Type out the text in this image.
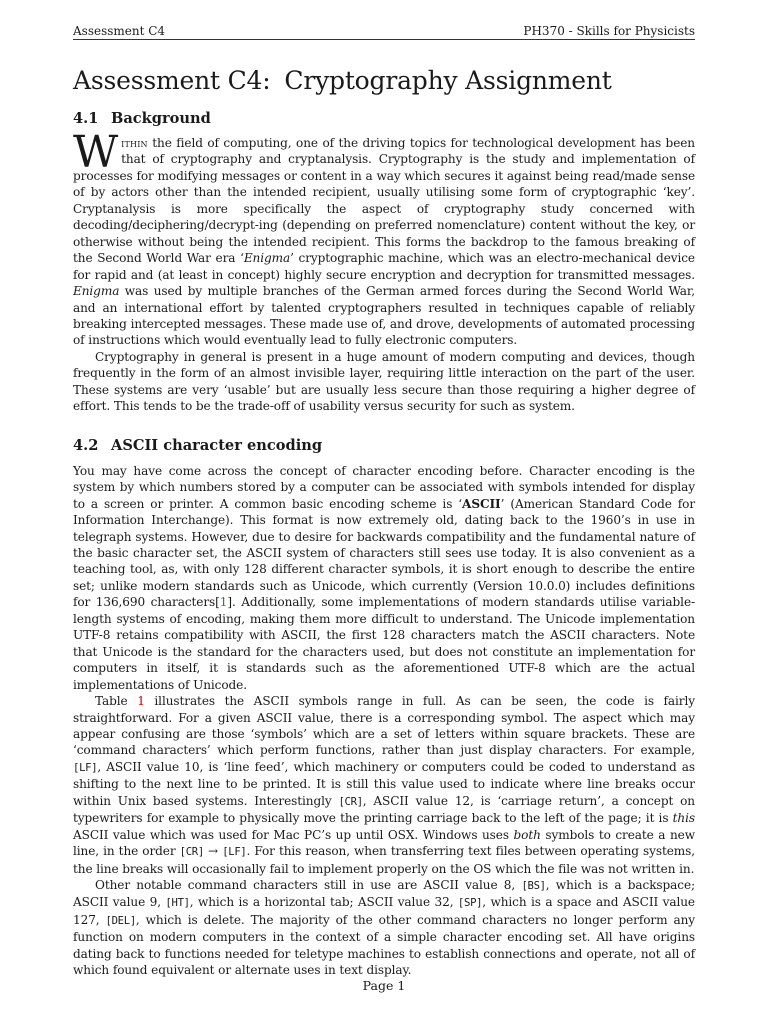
Assessment C4	PH370 - Skills for Physicists
Assessment C4: Cryptography Assignment
4.1 Background

Within the field of computing, one of the driving topics for technological development has been that of cryptography and cryptanalysis. Cryptography is the study and implementation of processes for modifying messages or content in a way which secures it against being read/made sense of by actors other than the intended recipient, usually utilising some form of cryptographic ‘key’. Cryptanalysis is more specifically the aspect of cryptography study concerned with decoding/deciphering/decrypt-ing (depending on preferred nomenclature) content without the key, or otherwise without being the intended recipient. This forms the backdrop to the famous breaking of the Second World War era ‘Enigma’ cryptographic machine, which was an electro-mechanical device for rapid and (at least in concept) highly secure encryption and decryption for transmitted messages. Enigma was used by multiple branches of the German armed forces during the Second World War, and an international effort by talented cryptographers resulted in techniques capable of reliably breaking intercepted messages. These made use of, and drove, developments of automated processing of instructions which would eventually lead to fully electronic computers.

Cryptography in general is present in a huge amount of modern computing and devices, though frequently in the form of an almost invisible layer, requiring little interaction on the part of the user. These systems are very ‘usable’ but are usually less secure than those requiring a higher degree of effort. This tends to be the trade-off of usability versus security for such as system.

4.2 ASCII character encoding

You may have come across the concept of character encoding before. Character encoding is the system by which numbers stored by a computer can be associated with symbols intended for display to a screen or printer. A common basic encoding scheme is ‘ASCII’ (American Standard Code for Information Interchange). This format is now extremely old, dating back to the 1960’s in use in telegraph systems. However, due to desire for backwards compatibility and the fundamental nature of the basic character set, the ASCII system of characters still sees use today. It is also convenient as a teaching tool, as, with only 128 different character symbols, it is short enough to describe the entire set; unlike modern standards such as Unicode, which currently (Version 10.0.0) includes definitions for 136,690 characters[1]. Additionally, some implementations of modern standards utilise variable-length systems of encoding, making them more difficult to understand. The Unicode implementation UTF-8 retains compatibility with ASCII, the first 128 characters match the ASCII characters. Note that Unicode is the standard for the characters used, but does not constitute an implementation for computers in itself, it is standards such as the aforementioned UTF-8 which are the actual implementations of Unicode.

Table 1 illustrates the ASCII symbols range in full. As can be seen, the code is fairly straightforward. For a given ASCII value, there is a corresponding symbol. The aspect which may appear confusing are those ‘symbols’ which are a set of letters within square brackets. These are ‘command characters’ which perform functions, rather than just display characters. For example, [LF], ASCII value 10, is ‘line feed’, which machinery or computers could be coded to understand as shifting to the next line to be printed. It is still this value used to indicate where line breaks occur within Unix based systems. Interestingly [CR], ASCII value 12, is ‘carriage return’, a concept on typewriters for example to physically move the printing carriage back to the left of the page; it is this ASCII value which was used for Mac PC’s up until OSX. Windows uses both symbols to create a new line, in the order [CR] → [LF]. For this reason, when transferring text files between operating systems, the line breaks will occasionally fail to implement properly on the OS which the file was not written in.

Other notable command characters still in use are ASCII value 8, [BS], which is a backspace; ASCII value 9, [HT], which is a horizontal tab; ASCII value 32, [SP], which is a space and ASCII value 127, [DEL], which is delete. The majority of the other command characters no longer perform any function on modern computers in the context of a simple character encoding set. All have origins dating back to functions needed for teletype machines to establish connections and operate, not all of which found equivalent or alternate uses in text display.

Page 1
